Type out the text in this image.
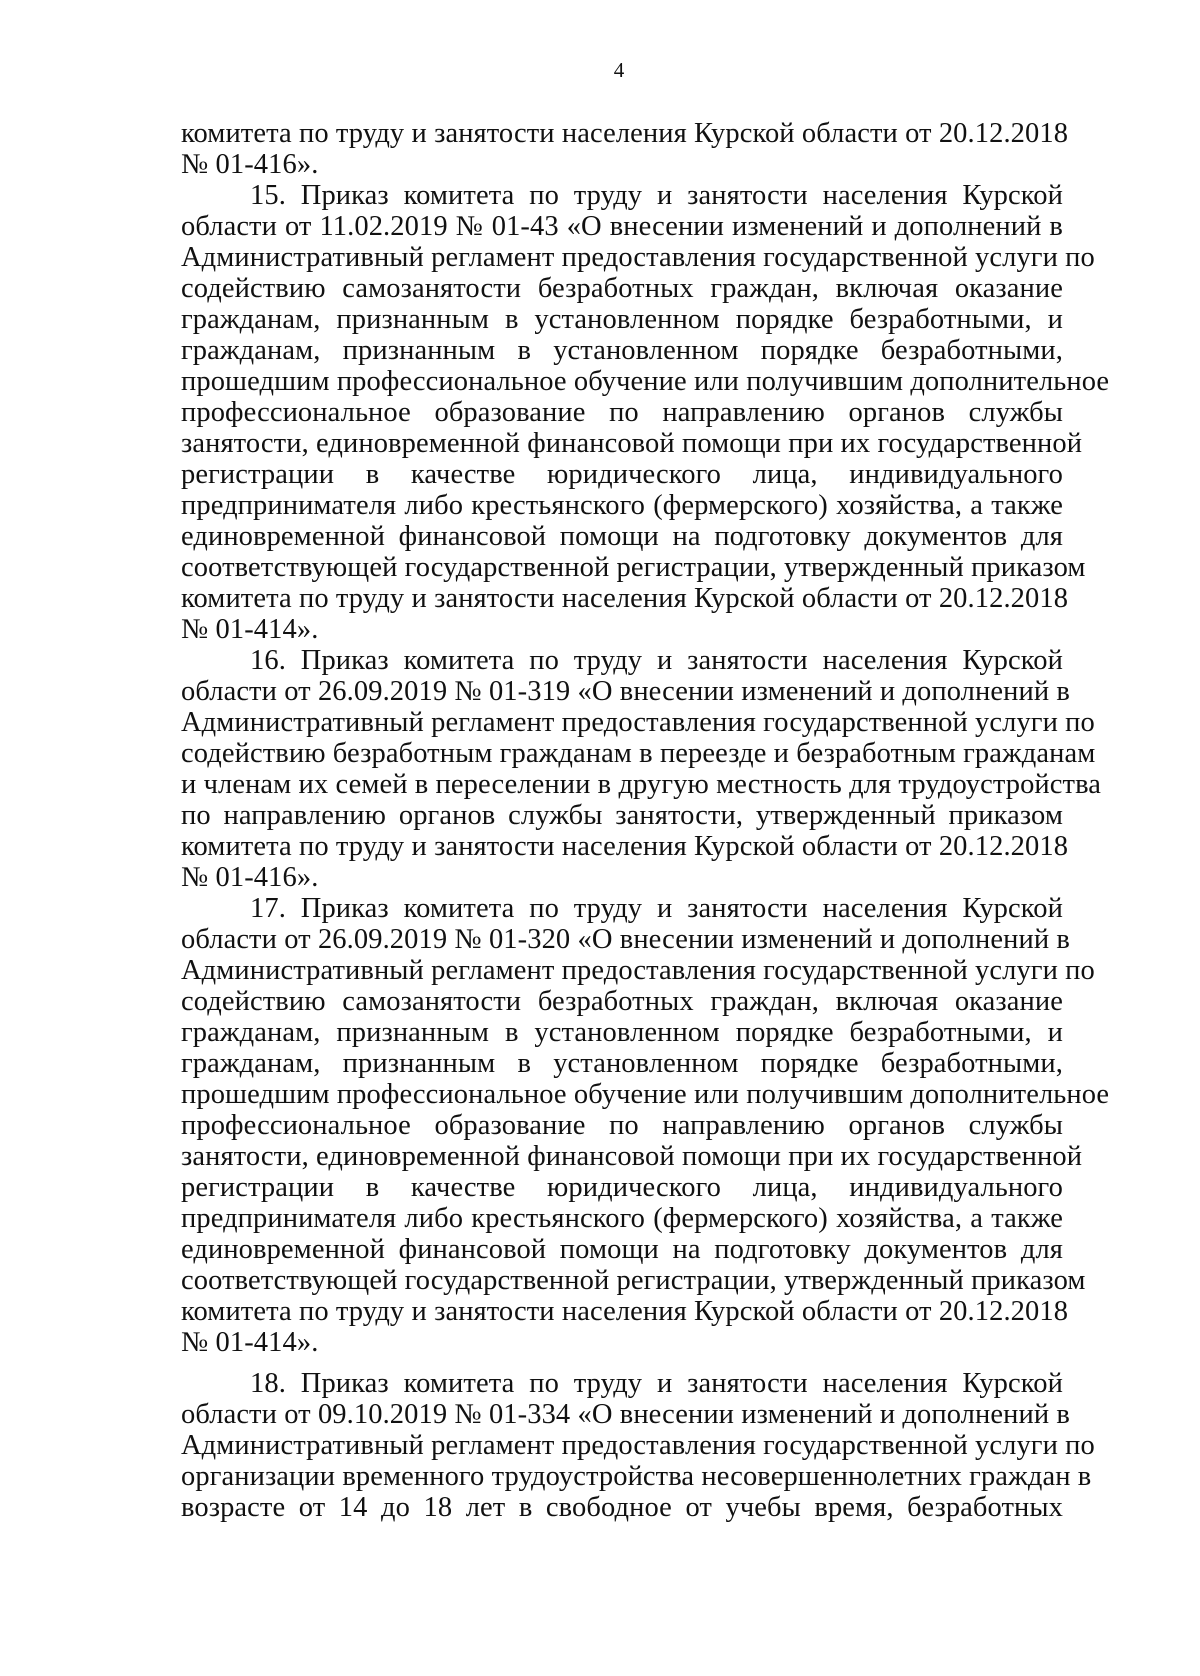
4
комитета по труду и занятости населения Курской области от 20.12.2018
№ 01-416».
15. Приказ комитета по труду и занятости населения Курской
области от 11.02.2019 № 01-43 «О внесении изменений и дополнений в
Административный регламент предоставления государственной услуги по
содействию самозанятости безработных граждан, включая оказание
гражданам, признанным в установленном порядке безработными, и
гражданам, признанным в установленном порядке безработными,
прошедшим профессиональное обучение или получившим дополнительное
профессиональное образование по направлению органов службы
занятости, единовременной финансовой помощи при их государственной
регистрации в качестве юридического лица, индивидуального
предпринимателя либо крестьянского (фермерского) хозяйства, а также
единовременной финансовой помощи на подготовку документов для
соответствующей государственной регистрации, утвержденный приказом
комитета по труду и занятости населения Курской области от 20.12.2018
№ 01-414».
16. Приказ комитета по труду и занятости населения Курской
области от 26.09.2019 № 01-319 «О внесении изменений и дополнений в
Административный регламент предоставления государственной услуги по
содействию безработным гражданам в переезде и безработным гражданам
и членам их семей в переселении в другую местность для трудоустройства
по направлению органов службы занятости, утвержденный приказом
комитета по труду и занятости населения Курской области от 20.12.2018
№ 01-416».
17. Приказ комитета по труду и занятости населения Курской
области от 26.09.2019 № 01-320 «О внесении изменений и дополнений в
Административный регламент предоставления государственной услуги по
содействию самозанятости безработных граждан, включая оказание
гражданам, признанным в установленном порядке безработными, и
гражданам, признанным в установленном порядке безработными,
прошедшим профессиональное обучение или получившим дополнительное
профессиональное образование по направлению органов службы
занятости, единовременной финансовой помощи при их государственной
регистрации в качестве юридического лица, индивидуального
предпринимателя либо крестьянского (фермерского) хозяйства, а также
единовременной финансовой помощи на подготовку документов для
соответствующей государственной регистрации, утвержденный приказом
комитета по труду и занятости населения Курской области от 20.12.2018
№ 01-414».
18. Приказ комитета по труду и занятости населения Курской
области от 09.10.2019 № 01-334 «О внесении изменений и дополнений в
Административный регламент предоставления государственной услуги по
организации временного трудоустройства несовершеннолетних граждан в
возрасте от 14 до 18 лет в свободное от учебы время, безработных
